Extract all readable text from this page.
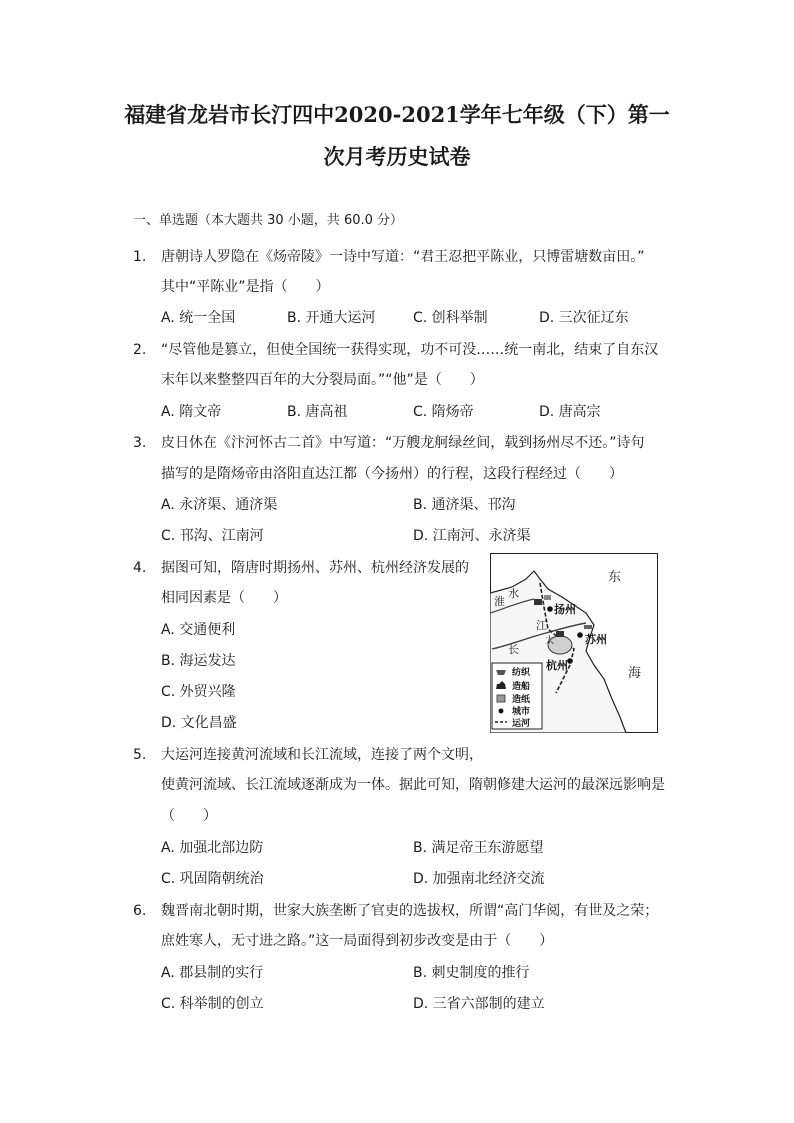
福建省龙岩市长汀四中2020-2021学年七年级（下）第一
次月考历史试卷
一、单选题（本大题共 30 小题，共 60.0 分）
1. 唐朝诗人罗隐在《炀帝陵》一诗中写道：“君王忍把平陈业，只博雷塘数亩田。”
其中“平陈业”是指（　　）
A. 统一全国	B. 开通大运河	C. 创科举制	D. 三次征辽东
2. “尽管他是篡立，但使全国统一获得实现，功不可没……统一南北，结束了自东汉
末年以来整整四百年的大分裂局面。”“他”是（　　）
A. 隋文帝	B. 唐高祖	C. 隋炀帝	D. 唐高宗
3. 皮日休在《汴河怀古二首》中写道：“万艘龙舸绿丝间，载到扬州尽不还。”诗句
描写的是隋炀帝由洛阳直达江都（今扬州）的行程，这段行程经过（　　）
A. 永济渠、通济渠	B. 通济渠、邗沟
C. 邗沟、江南河	D. 江南河、永济渠
4. 据图可知，隋唐时期扬州、苏州、杭州经济发展的
相同因素是（　　）
A. 交通便利
B. 海运发达
C. 外贸兴隆
D. 文化昌盛
东
海
淮
水
长
江
太
扬州
苏州
杭州
纺织
造船
造纸
城市
运河
5. 大运河连接黄河流域和长江流域，连接了两个文明，
使黄河流域、长江流域逐渐成为一体。据此可知，隋朝修建大运河的最深远影响是
（　　）
A. 加强北部边防	B. 满足帝王东游愿望
C. 巩固隋朝统治	D. 加强南北经济交流
6. 魏晋南北朝时期，世家大族垄断了官吏的选拔权，所谓“高门华阅，有世及之荣；
庶姓寒人，无寸进之路。”这一局面得到初步改变是由于（　　）
A. 郡县制的实行	B. 刺史制度的推行
C. 科举制的创立	D. 三省六部制的建立
